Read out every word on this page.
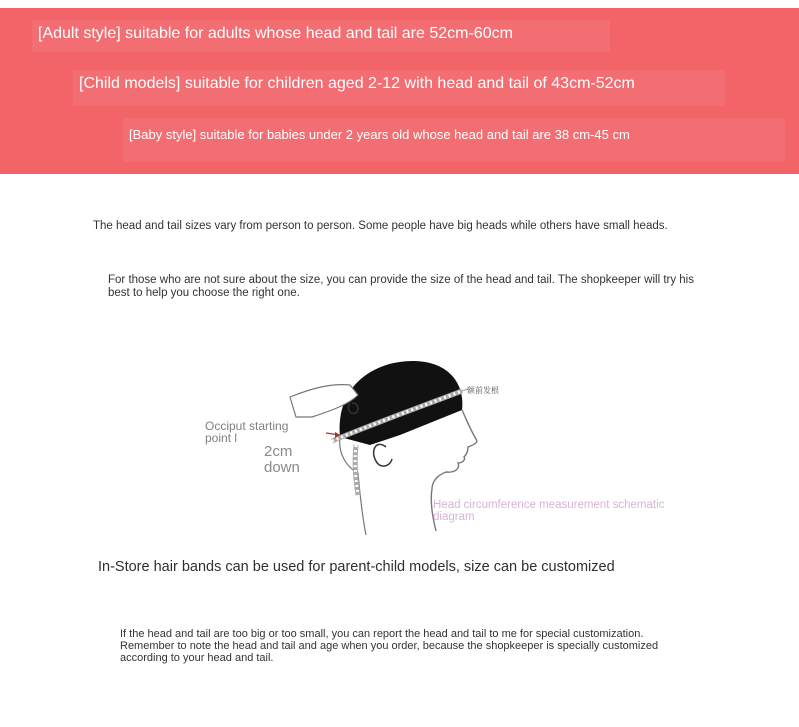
[Adult style] suitable for adults whose head and tail are 52cm-60cm
[Child models] suitable for children aged 2-12 with head and tail of 43cm-52cm
[Baby style] suitable for babies under 2 years old whose head and tail are 38 cm-45 cm
The head and tail sizes vary from person to person. Some people have big heads while others have small heads.
For those who are not sure about the size, you can provide the size of the head and tail. The shopkeeper will try his best to help you choose the right one.
Occiput starting point l
2cm down
额前发根
Head circumference measurement schematic diagram
In-Store hair bands can be used for parent-child models, size can be customized
If the head and tail are too big or too small, you can report the head and tail to me for special customization. Remember to note the head and tail and age when you order, because the shopkeeper is specially customized according to your head and tail.
